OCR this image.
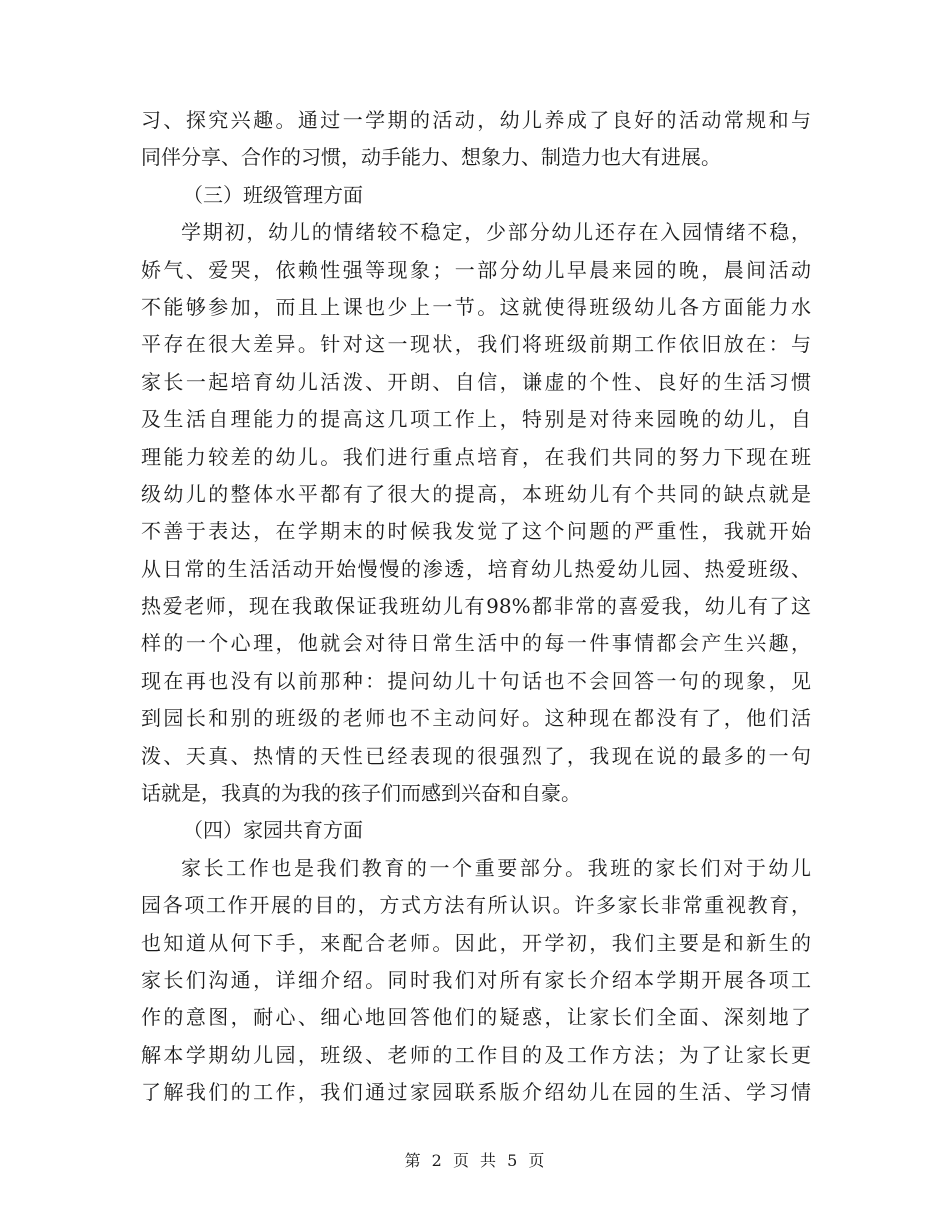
习、探究兴趣。通过一学期的活动，幼儿养成了良好的活动常规和与
同伴分享、合作的习惯，动手能力、想象力、制造力也大有进展。
（三）班级管理方面
学期初，幼儿的情绪较不稳定，少部分幼儿还存在入园情绪不稳，
娇气、爱哭，依赖性强等现象；一部分幼儿早晨来园的晚，晨间活动
不能够参加，而且上课也少上一节。这就使得班级幼儿各方面能力水
平存在很大差异。针对这一现状，我们将班级前期工作依旧放在：与
家长一起培育幼儿活泼、开朗、自信，谦虚的个性、良好的生活习惯
及生活自理能力的提高这几项工作上，特别是对待来园晚的幼儿，自
理能力较差的幼儿。我们进行重点培育，在我们共同的努力下现在班
级幼儿的整体水平都有了很大的提高，本班幼儿有个共同的缺点就是
不善于表达，在学期末的时候我发觉了这个问题的严重性，我就开始
从日常的生活活动开始慢慢的渗透，培育幼儿热爱幼儿园、热爱班级、
热爱老师，现在我敢保证我班幼儿有98%都非常的喜爱我，幼儿有了这
样的一个心理，他就会对待日常生活中的每一件事情都会产生兴趣，
现在再也没有以前那种：提问幼儿十句话也不会回答一句的现象，见
到园长和别的班级的老师也不主动问好。这种现在都没有了，他们活
泼、天真、热情的天性已经表现的很强烈了，我现在说的最多的一句
话就是，我真的为我的孩子们而感到兴奋和自豪。
（四）家园共育方面
家长工作也是我们教育的一个重要部分。我班的家长们对于幼儿
园各项工作开展的目的，方式方法有所认识。许多家长非常重视教育，
也知道从何下手，来配合老师。因此，开学初，我们主要是和新生的
家长们沟通，详细介绍。同时我们对所有家长介绍本学期开展各项工
作的意图，耐心、细心地回答他们的疑惑，让家长们全面、深刻地了
解本学期幼儿园，班级、老师的工作目的及工作方法；为了让家长更
了解我们的工作，我们通过家园联系版介绍幼儿在园的生活、学习情
第 2 页 共 5 页
